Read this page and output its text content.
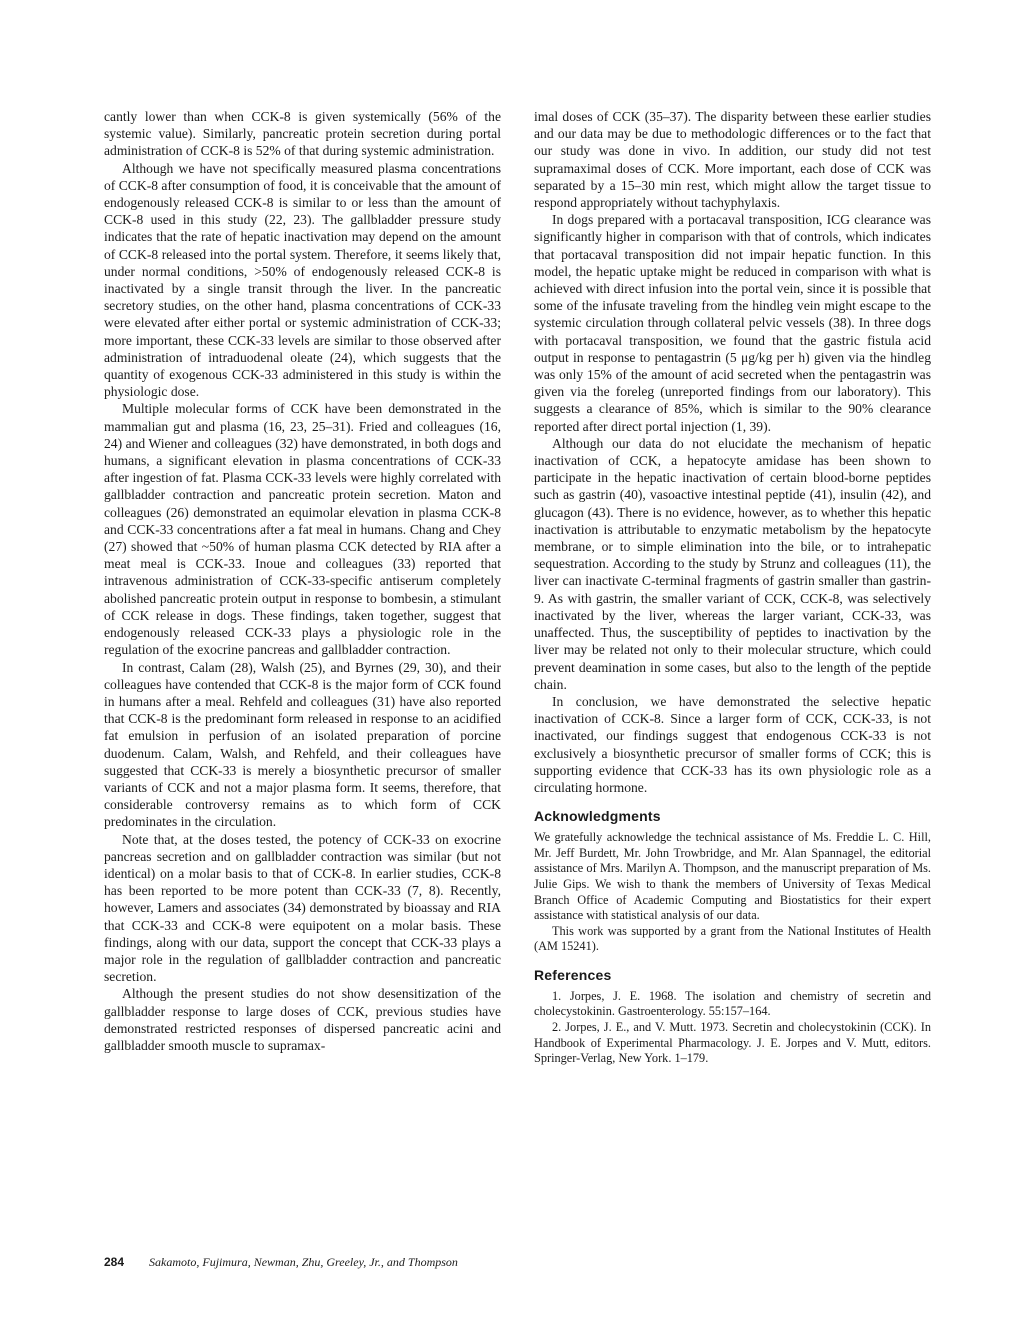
cantly lower than when CCK-8 is given systemically (56% of the systemic value). Similarly, pancreatic protein secretion during portal administration of CCK-8 is 52% of that during systemic administration.

Although we have not specifically measured plasma concentrations of CCK-8 after consumption of food, it is conceivable that the amount of endogenously released CCK-8 is similar to or less than the amount of CCK-8 used in this study (22, 23). The gallbladder pressure study indicates that the rate of hepatic inactivation may depend on the amount of CCK-8 released into the portal system. Therefore, it seems likely that, under normal conditions, >50% of endogenously released CCK-8 is inactivated by a single transit through the liver. In the pancreatic secretory studies, on the other hand, plasma concentrations of CCK-33 were elevated after either portal or systemic administration of CCK-33; more important, these CCK-33 levels are similar to those observed after administration of intraduodenal oleate (24), which suggests that the quantity of exogenous CCK-33 administered in this study is within the physiologic dose.

Multiple molecular forms of CCK have been demonstrated in the mammalian gut and plasma (16, 23, 25–31). Fried and colleagues (16, 24) and Wiener and colleagues (32) have demonstrated, in both dogs and humans, a significant elevation in plasma concentrations of CCK-33 after ingestion of fat. Plasma CCK-33 levels were highly correlated with gallbladder contraction and pancreatic protein secretion. Maton and colleagues (26) demonstrated an equimolar elevation in plasma CCK-8 and CCK-33 concentrations after a fat meal in humans. Chang and Chey (27) showed that ~50% of human plasma CCK detected by RIA after a meat meal is CCK-33. Inoue and colleagues (33) reported that intravenous administration of CCK-33-specific antiserum completely abolished pancreatic protein output in response to bombesin, a stimulant of CCK release in dogs. These findings, taken together, suggest that endogenously released CCK-33 plays a physiologic role in the regulation of the exocrine pancreas and gallbladder contraction.

In contrast, Calam (28), Walsh (25), and Byrnes (29, 30), and their colleagues have contended that CCK-8 is the major form of CCK found in humans after a meal. Rehfeld and colleagues (31) have also reported that CCK-8 is the predominant form released in response to an acidified fat emulsion in perfusion of an isolated preparation of porcine duodenum. Calam, Walsh, and Rehfeld, and their colleagues have suggested that CCK-33 is merely a biosynthetic precursor of smaller variants of CCK and not a major plasma form. It seems, therefore, that considerable controversy remains as to which form of CCK predominates in the circulation.

Note that, at the doses tested, the potency of CCK-33 on exocrine pancreas secretion and on gallbladder contraction was similar (but not identical) on a molar basis to that of CCK-8. In earlier studies, CCK-8 has been reported to be more potent than CCK-33 (7, 8). Recently, however, Lamers and associates (34) demonstrated by bioassay and RIA that CCK-33 and CCK-8 were equipotent on a molar basis. These findings, along with our data, support the concept that CCK-33 plays a major role in the regulation of gallbladder contraction and pancreatic secretion.

Although the present studies do not show desensitization of the gallbladder response to large doses of CCK, previous studies have demonstrated restricted responses of dispersed pancreatic acini and gallbladder smooth muscle to supramax-

imal doses of CCK (35–37). The disparity between these earlier studies and our data may be due to methodologic differences or to the fact that our study was done in vivo. In addition, our study did not test supramaximal doses of CCK. More important, each dose of CCK was separated by a 15–30 min rest, which might allow the target tissue to respond appropriately without tachyphylaxis.

In dogs prepared with a portacaval transposition, ICG clearance was significantly higher in comparison with that of controls, which indicates that portacaval transposition did not impair hepatic function. In this model, the hepatic uptake might be reduced in comparison with what is achieved with direct infusion into the portal vein, since it is possible that some of the infusate traveling from the hindleg vein might escape to the systemic circulation through collateral pelvic vessels (38). In three dogs with portacaval transposition, we found that the gastric fistula acid output in response to pentagastrin (5 μg/kg per h) given via the hindleg was only 15% of the amount of acid secreted when the pentagastrin was given via the foreleg (unreported findings from our laboratory). This suggests a clearance of 85%, which is similar to the 90% clearance reported after direct portal injection (1, 39).

Although our data do not elucidate the mechanism of hepatic inactivation of CCK, a hepatocyte amidase has been shown to participate in the hepatic inactivation of certain blood-borne peptides such as gastrin (40), vasoactive intestinal peptide (41), insulin (42), and glucagon (43). There is no evidence, however, as to whether this hepatic inactivation is attributable to enzymatic metabolism by the hepatocyte membrane, or to simple elimination into the bile, or to intrahepatic sequestration. According to the study by Strunz and colleagues (11), the liver can inactivate C-terminal fragments of gastrin smaller than gastrin-9. As with gastrin, the smaller variant of CCK, CCK-8, was selectively inactivated by the liver, whereas the larger variant, CCK-33, was unaffected. Thus, the susceptibility of peptides to inactivation by the liver may be related not only to their molecular structure, which could prevent deamination in some cases, but also to the length of the peptide chain.

In conclusion, we have demonstrated the selective hepatic inactivation of CCK-8. Since a larger form of CCK, CCK-33, is not inactivated, our findings suggest that endogenous CCK-33 is not exclusively a biosynthetic precursor of smaller forms of CCK; this is supporting evidence that CCK-33 has its own physiologic role as a circulating hormone.

Acknowledgments

We gratefully acknowledge the technical assistance of Ms. Freddie L. C. Hill, Mr. Jeff Burdett, Mr. John Trowbridge, and Mr. Alan Spannagel, the editorial assistance of Mrs. Marilyn A. Thompson, and the manuscript preparation of Ms. Julie Gips. We wish to thank the members of University of Texas Medical Branch Office of Academic Computing and Biostatistics for their expert assistance with statistical analysis of our data.

This work was supported by a grant from the National Institutes of Health (AM 15241).

References

1. Jorpes, J. E. 1968. The isolation and chemistry of secretin and cholecystokinin. Gastroenterology. 55:157–164.

2. Jorpes, J. E., and V. Mutt. 1973. Secretin and cholecystokinin (CCK). In Handbook of Experimental Pharmacology. J. E. Jorpes and V. Mutt, editors. Springer-Verlag, New York. 1–179.

284 Sakamoto, Fujimura, Newman, Zhu, Greeley, Jr., and Thompson
